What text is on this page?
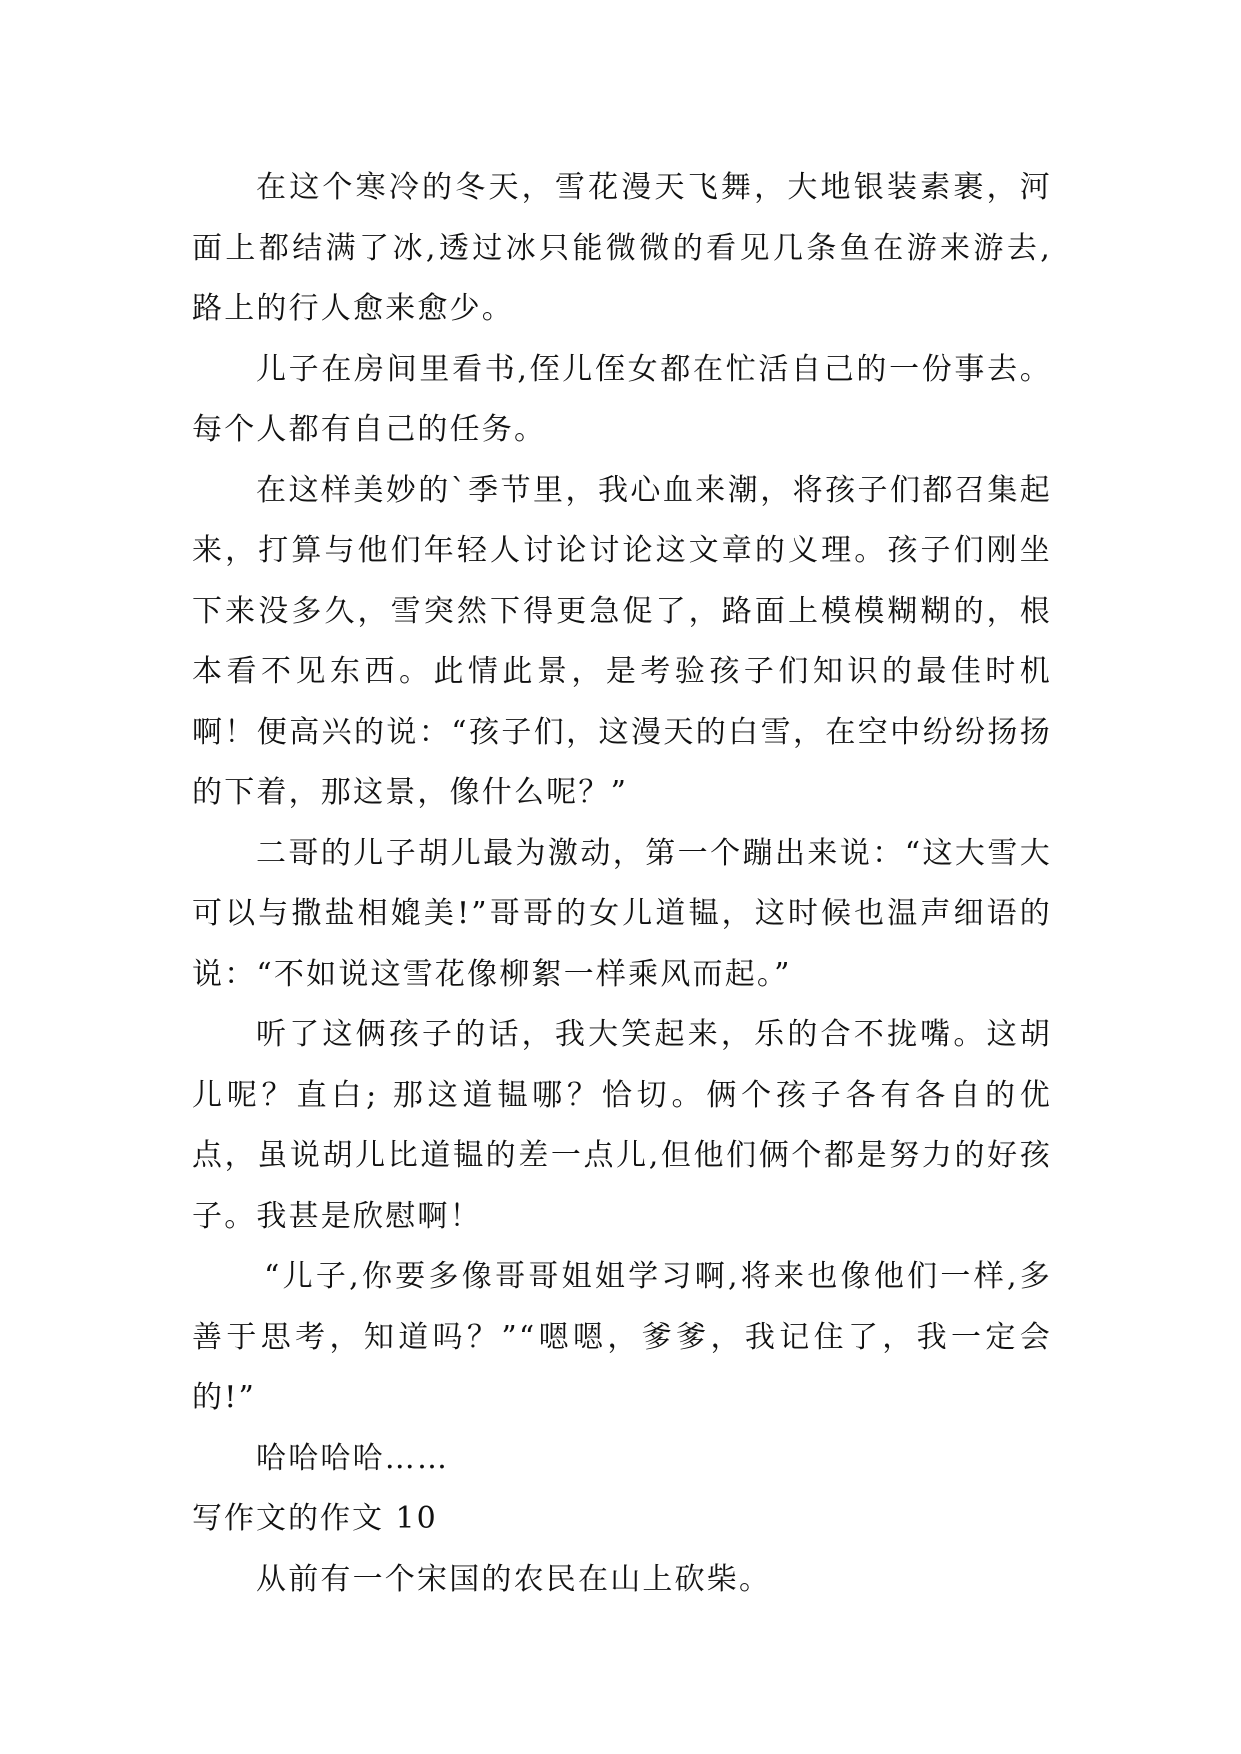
在这个寒冷的冬天，雪花漫天飞舞，大地银装素裹，河面上都结满了冰,透过冰只能微微的看见几条鱼在游来游去,路上的行人愈来愈少。

儿子在房间里看书,侄儿侄女都在忙活自己的一份事去。每个人都有自己的任务。

在这样美妙的`季节里，我心血来潮，将孩子们都召集起来，打算与他们年轻人讨论讨论这文章的义理。孩子们刚坐下来没多久，雪突然下得更急促了，路面上模模糊糊的，根本看不见东西。此情此景，是考验孩子们知识的最佳时机啊！便高兴的说：“孩子们，这漫天的白雪，在空中纷纷扬扬的下着，那这景，像什么呢？”

二哥的儿子胡儿最为激动，第一个蹦出来说：“这大雪大可以与撒盐相媲美!”哥哥的女儿道韫，这时候也温声细语的说：“不如说这雪花像柳絮一样乘风而起。”

听了这俩孩子的话，我大笑起来，乐的合不拢嘴。这胡儿呢？直白; 那这道韫哪？恰切。俩个孩子各有各自的优点，虽说胡儿比道韫的差一点儿,但他们俩个都是努力的好孩子。我甚是欣慰啊！

“儿子,你要多像哥哥姐姐学习啊,将来也像他们一样,多善于思考，知道吗？”“嗯嗯，爹爹，我记住了，我一定会的!”

哈哈哈哈……

写作文的作文 10

从前有一个宋国的农民在山上砍柴。
